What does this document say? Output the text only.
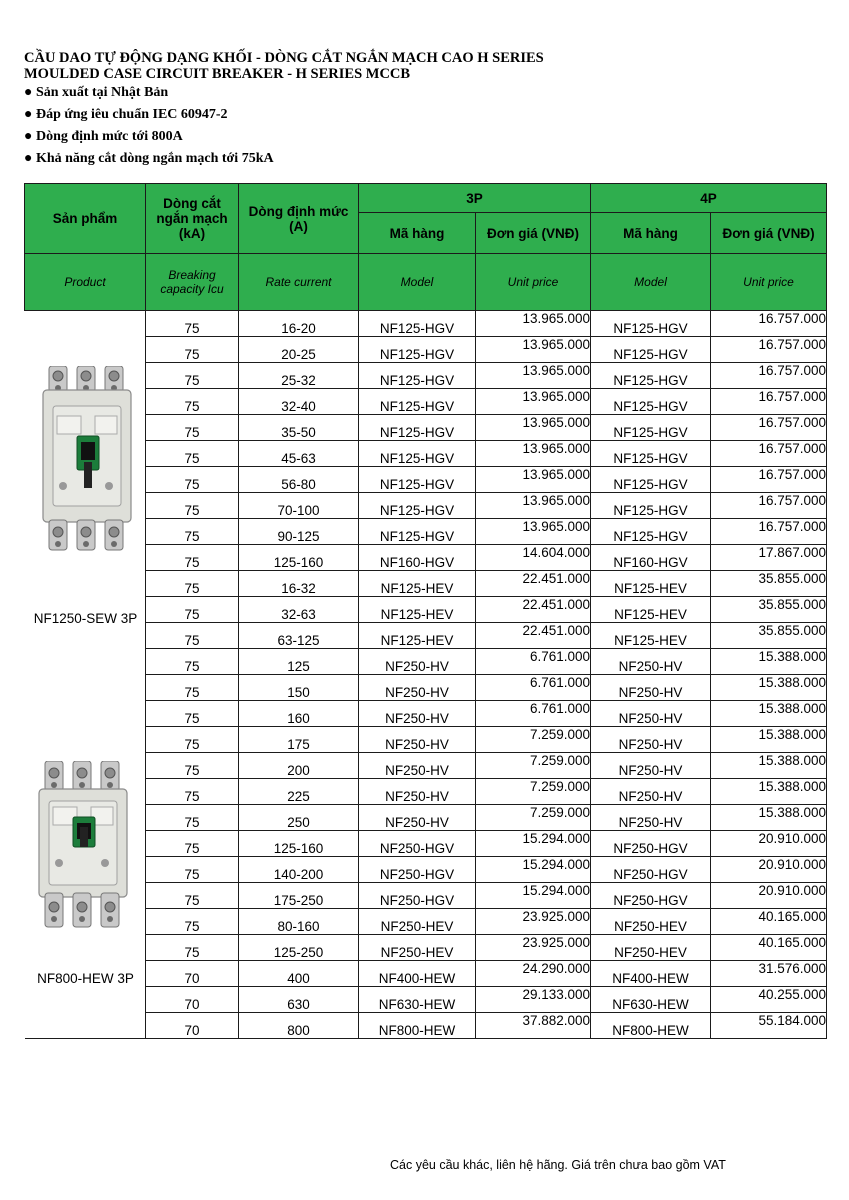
CẦU DAO TỰ ĐỘNG DẠNG KHỐI - DÒNG CẮT NGẮN MẠCH CAO H SERIES
MOULDED CASE CIRCUIT BREAKER - H SERIES MCCB
● Sản xuất tại Nhật Bản
● Đáp ứng iêu chuẩn IEC 60947-2
● Dòng định mức tới 800A
● Khả năng cắt dòng ngắn mạch tới 75kA
Sản phẩm	Dòng cắt ngắn mạch (kA)	Dòng định mức (A)	3P		4P	
			Mã hàng	Đơn giá (VNĐ)	Mã hàng	Đơn giá (VNĐ)
Product	Breaking capacity Icu	Rate current	Model	Unit price	Model	Unit price

NF1250-SEW 3P
NF800-HEW 3P	75	16-20	NF125-HGV	13.965.000	NF125-HGV	16.757.000
	75	20-25	NF125-HGV	13.965.000	NF125-HGV	16.757.000
	75	25-32	NF125-HGV	13.965.000	NF125-HGV	16.757.000
	75	32-40	NF125-HGV	13.965.000	NF125-HGV	16.757.000
	75	35-50	NF125-HGV	13.965.000	NF125-HGV	16.757.000
	75	45-63	NF125-HGV	13.965.000	NF125-HGV	16.757.000
	75	56-80	NF125-HGV	13.965.000	NF125-HGV	16.757.000
	75	70-100	NF125-HGV	13.965.000	NF125-HGV	16.757.000
	75	90-125	NF125-HGV	13.965.000	NF125-HGV	16.757.000
	75	125-160	NF160-HGV	14.604.000	NF160-HGV	17.867.000
	75	16-32	NF125-HEV	22.451.000	NF125-HEV	35.855.000
	75	32-63	NF125-HEV	22.451.000	NF125-HEV	35.855.000
	75	63-125	NF125-HEV	22.451.000	NF125-HEV	35.855.000
	75	125	NF250-HV	6.761.000	NF250-HV	15.388.000
	75	150	NF250-HV	6.761.000	NF250-HV	15.388.000
	75	160	NF250-HV	6.761.000	NF250-HV	15.388.000
	75	175	NF250-HV	7.259.000	NF250-HV	15.388.000
	75	200	NF250-HV	7.259.000	NF250-HV	15.388.000
	75	225	NF250-HV	7.259.000	NF250-HV	15.388.000
	75	250	NF250-HV	7.259.000	NF250-HV	15.388.000
	75	125-160	NF250-HGV	15.294.000	NF250-HGV	20.910.000
	75	140-200	NF250-HGV	15.294.000	NF250-HGV	20.910.000
	75	175-250	NF250-HGV	15.294.000	NF250-HGV	20.910.000
	75	80-160	NF250-HEV	23.925.000	NF250-HEV	40.165.000
	75	125-250	NF250-HEV	23.925.000	NF250-HEV	40.165.000
	70	400	NF400-HEW	24.290.000	NF400-HEW	31.576.000
	70	630	NF630-HEW	29.133.000	NF630-HEW	40.255.000
	70	800	NF800-HEW	37.882.000	NF800-HEW	55.184.000
Các yêu cầu khác, liên hệ hãng. Giá trên chưa bao gồm VAT
